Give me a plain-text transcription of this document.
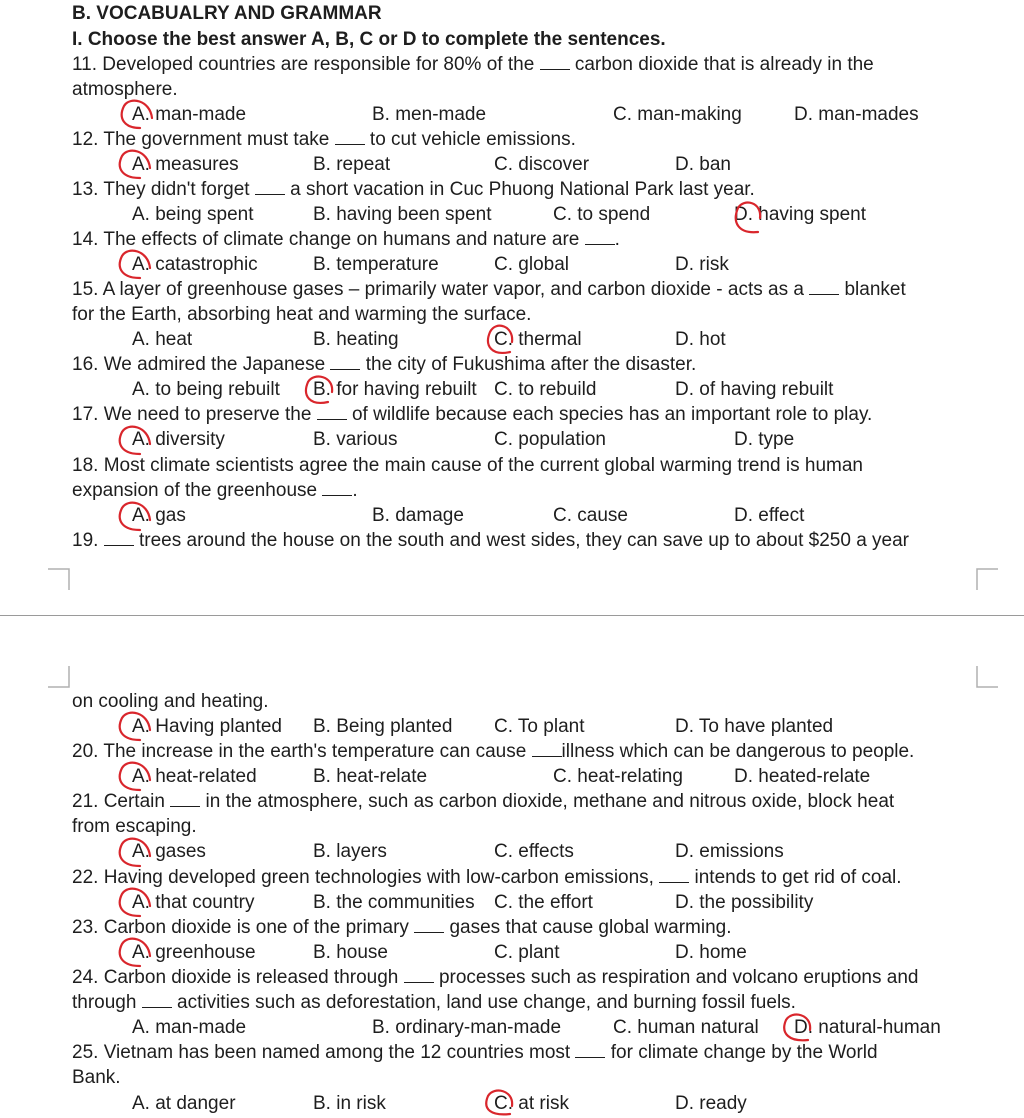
B. VOCABUALRY AND GRAMMAR
I. Choose the best answer A, B, C or D to complete the sentences.
11. Developed countries are responsible for 80% of the carbon dioxide that is already in the
atmosphere.
A. man-made	B. men-made	C. man-making	D. man-mades
12. The government must take to cut vehicle emissions.
A. measures	B. repeat	C. discover	D. ban
13. They didn't forget a short vacation in Cuc Phuong National Park last year.
A. being spent	B. having been spent	C. to spend	D. having spent
14. The effects of climate change on humans and nature are .
A. catastrophic	B. temperature	C. global	D. risk
15. A layer of greenhouse gases – primarily water vapor, and carbon dioxide - acts as a blanket
for the Earth, absorbing heat and warming the surface.
A. heat	B. heating	C. thermal	D. hot
16. We admired the Japanese the city of Fukushima after the disaster.
A. to being rebuilt B. for having rebuilt C. to rebuild	D. of having rebuilt
17. We need to preserve the of wildlife because each species has an important role to play.
A. diversity	B. various	C. population	D. type
18. Most climate scientists agree the main cause of the current global warming trend is human
expansion of the greenhouse .
A. gas	B. damage	C. cause	D. effect
19. trees around the house on the south and west sides, they can save up to about $250 a year
on cooling and heating.
A. Having planted B. Being planted C. To plant	D. To have planted
20. The increase in the earth's temperature can cause illness which can be dangerous to people.
A. heat-related	B. heat-relate	C. heat-relating	D. heated-relate
21. Certain in the atmosphere, such as carbon dioxide, methane and nitrous oxide, block heat
from escaping.
A. gases	B. layers	C. effects	D. emissions
22. Having developed green technologies with low-carbon emissions, intends to get rid of coal.
A. that country	B. the communities C. the effort	D. the possibility
23. Carbon dioxide is one of the primary gases that cause global warming.
A. greenhouse	B. house	C. plant	D. home
24. Carbon dioxide is released through processes such as respiration and volcano eruptions and
through activities such as deforestation, land use change, and burning fossil fuels.
A. man-made	B. ordinary-man-made	C. human natural D. natural-human
25. Vietnam has been named among the 12 countries most for climate change by the World
Bank.
A. at danger	B. in risk	C. at risk	D. ready
